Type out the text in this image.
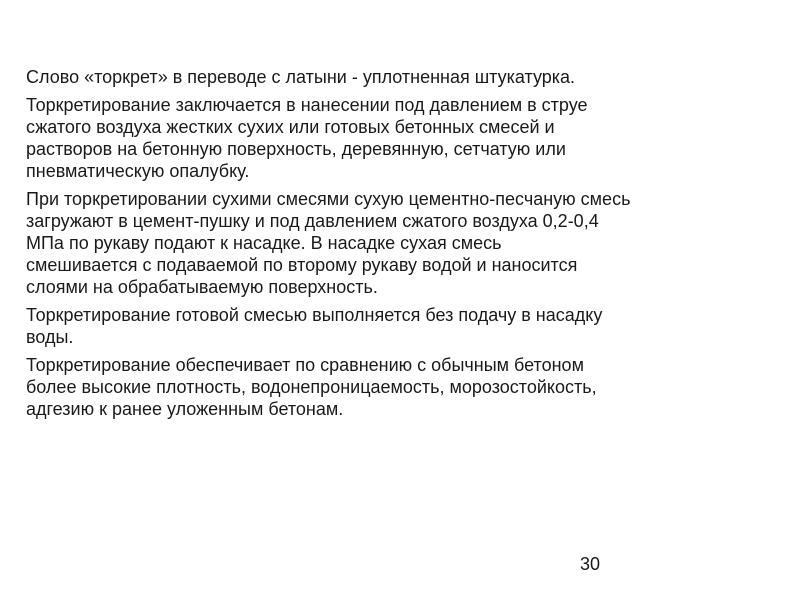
Слово «торкрет» в переводе с латыни - уплотненная штукатурка.

Торкретирование заключается в нанесении под давлением в струе
сжатого воздуха жестких сухих или готовых бетонных смесей и
растворов на бетонную поверхность, деревянную, сетчатую или
пневматическую опалубку.

При торкретировании сухими смесями сухую цементно-песчаную смесь
загружают в цемент-пушку и под давлением сжатого воздуха 0,2-0,4
МПа по рукаву подают к насадке. В насадке сухая смесь
смешивается с подаваемой по второму рукаву водой и наносится
слоями на обрабатываемую поверхность.

Торкретирование готовой смесью выполняется без подачу в насадку
воды.

Торкретирование обеспечивает по сравнению с обычным бетоном
более высокие плотность, водонепроницаемость, морозостойкость,
адгезию к ранее уложенным бетонам.

30
